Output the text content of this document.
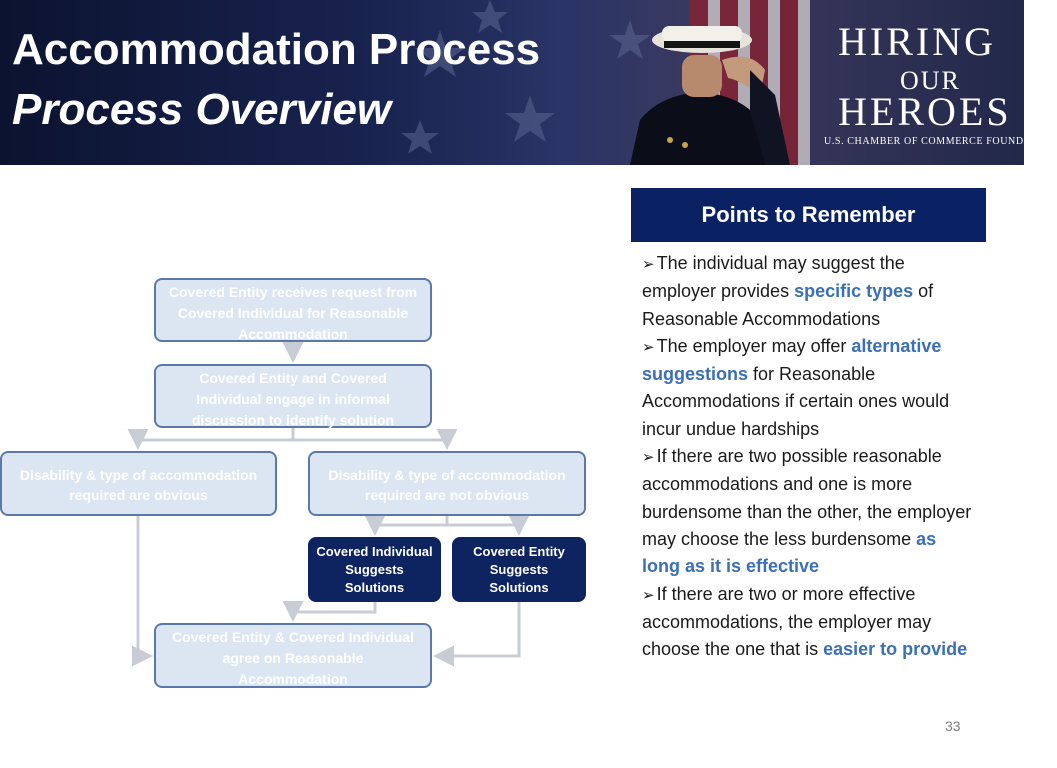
Accommodation Process
Process Overview
HIRING
OUR
HEROES
U.S. CHAMBER OF COMMERCE FOUNDATION
Covered Entity receives request from Covered Individual for Reasonable Accommodation
Covered Entity and Covered Individual engage in informal discussion to identify solution
Disability & type of accommodation required are obvious
Disability & type of accommodation required are not obvious
Covered Individual Suggests Solutions
Covered Entity Suggests Solutions
Covered Entity & Covered Individual agree on Reasonable Accommodation
Points to Remember

➢ The individual may suggest the employer provides specific types of Reasonable Accommodations

➢ The employer may offer alternative suggestions for Reasonable Accommodations if certain ones would incur undue hardships

➢ If there are two possible reasonable accommodations and one is more burdensome than the other, the employer may choose the less burdensome as long as it is effective

➢ If there are two or more effective accommodations, the employer may choose the one that is easier to provide

33
